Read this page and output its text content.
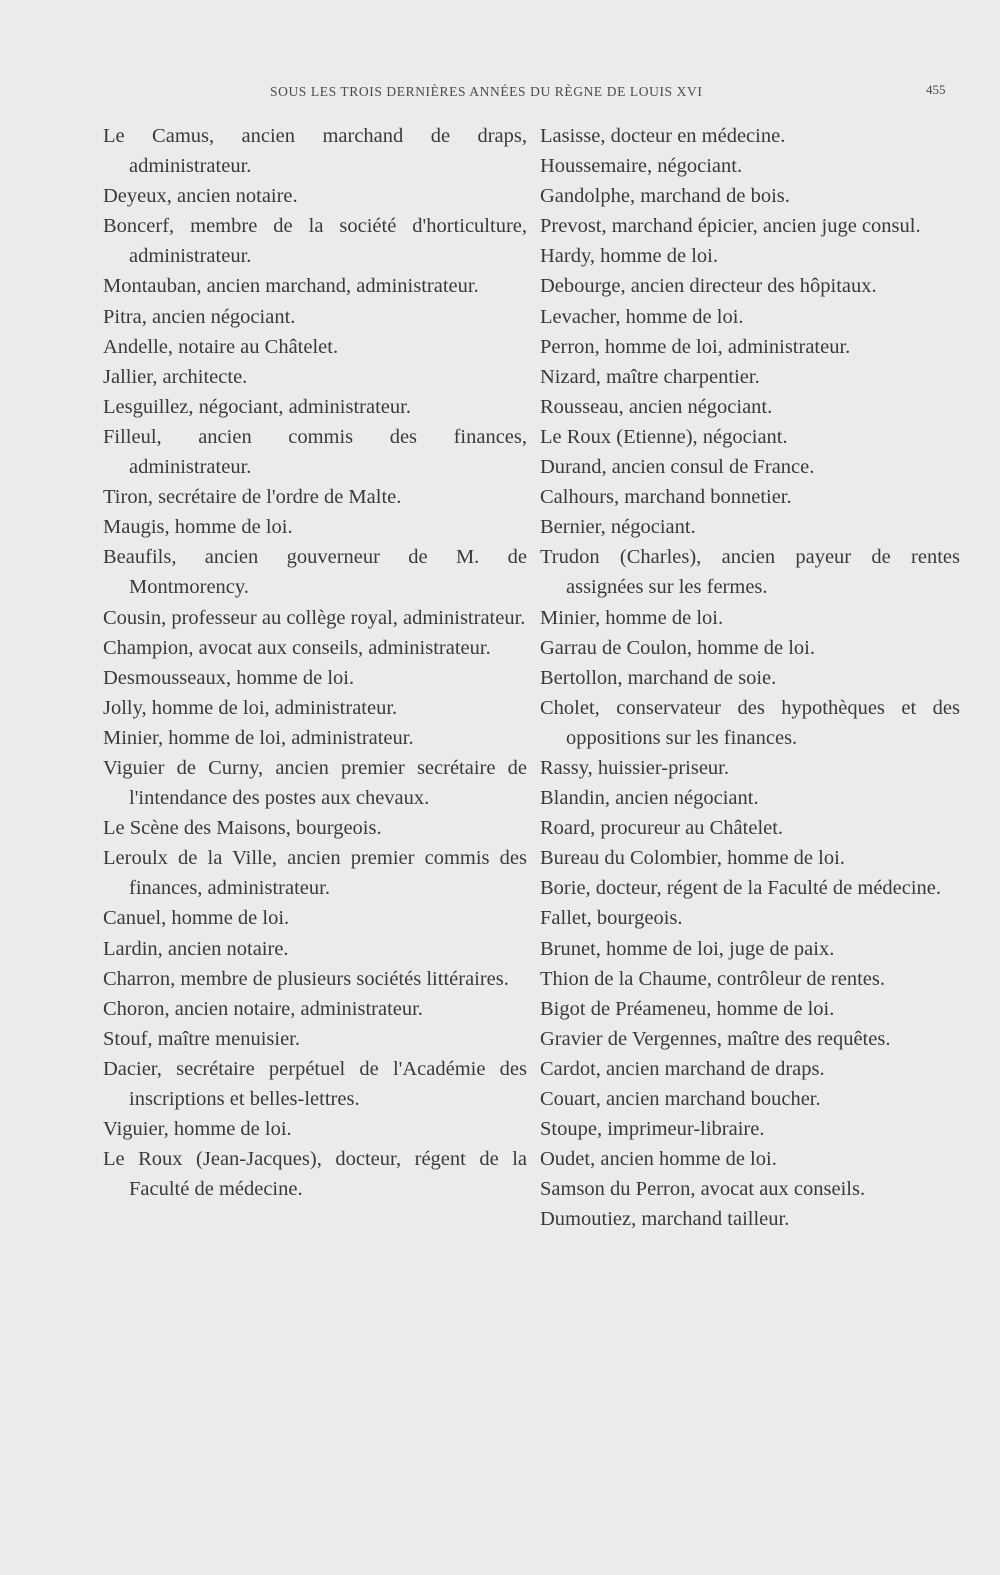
SOUS LES TROIS DERNIÈRES ANNÉES DU RÈGNE DE LOUIS XVI	455

Le Camus, ancien marchand de draps, administrateur.

Deyeux, ancien notaire.

Boncerf, membre de la société d'horticulture, administrateur.

Montauban, ancien marchand, administrateur.

Pitra, ancien négociant.

Andelle, notaire au Châtelet.

Jallier, architecte.

Lesguillez, négociant, administrateur.

Filleul, ancien commis des finances, administrateur.

Tiron, secrétaire de l'ordre de Malte.

Maugis, homme de loi.

Beaufils, ancien gouverneur de M. de Montmorency.

Cousin, professeur au collège royal, administrateur.

Champion, avocat aux conseils, administrateur.

Desmousseaux, homme de loi.

Jolly, homme de loi, administrateur.

Minier, homme de loi, administrateur.

Viguier de Curny, ancien premier secrétaire de l'intendance des postes aux chevaux.

Le Scène des Maisons, bourgeois.

Leroulx de la Ville, ancien premier commis des finances, administrateur.

Canuel, homme de loi.

Lardin, ancien notaire.

Charron, membre de plusieurs sociétés littéraires.

Choron, ancien notaire, administrateur.

Stouf, maître menuisier.

Dacier, secrétaire perpétuel de l'Académie des inscriptions et belles-lettres.

Viguier, homme de loi.

Le Roux (Jean-Jacques), docteur, régent de la Faculté de médecine.

Lasisse, docteur en médecine.

Houssemaire, négociant.

Gandolphe, marchand de bois.

Prevost, marchand épicier, ancien juge consul.

Hardy, homme de loi.

Debourge, ancien directeur des hôpitaux.

Levacher, homme de loi.

Perron, homme de loi, administrateur.

Nizard, maître charpentier.

Rousseau, ancien négociant.

Le Roux (Etienne), négociant.

Durand, ancien consul de France.

Calhours, marchand bonnetier.

Bernier, négociant.

Trudon (Charles), ancien payeur de rentes assignées sur les fermes.

Minier, homme de loi.

Garrau de Coulon, homme de loi.

Bertollon, marchand de soie.

Cholet, conservateur des hypothèques et des oppositions sur les finances.

Rassy, huissier-priseur.

Blandin, ancien négociant.

Roard, procureur au Châtelet.

Bureau du Colombier, homme de loi.

Borie, docteur, régent de la Faculté de médecine.

Fallet, bourgeois.

Brunet, homme de loi, juge de paix.

Thion de la Chaume, contrôleur de rentes.

Bigot de Préameneu, homme de loi.

Gravier de Vergennes, maître des requêtes.

Cardot, ancien marchand de draps.

Couart, ancien marchand boucher.

Stoupe, imprimeur-libraire.

Oudet, ancien homme de loi.

Samson du Perron, avocat aux conseils.

Dumoutiez, marchand tailleur.
